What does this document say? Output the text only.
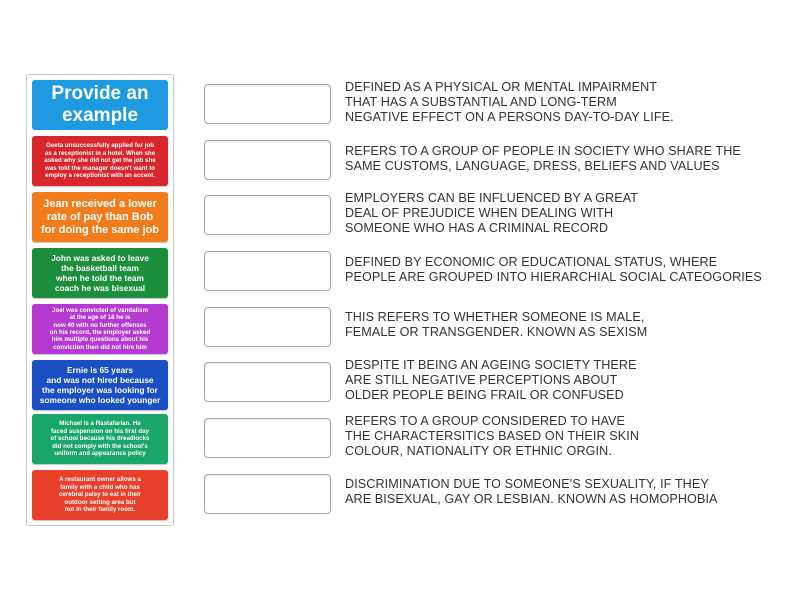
Provide an example
Geeta unsuccessfully applied for job
as a receptionist in a hotel. When she
asked why she did not get the job she
was told the manager doesn't want to
employ a receptionist with an accent.
Jean received a lower
rate of pay than Bob
for doing the same job
John was asked to leave
the basketball team
when he told the team
coach he was bisexual
Joel was convicted of vandalism
at the age of 18 he is
now 40 with no further offenses
on his record, the employer asked
him multiple questions about his
conviction then did not hire him
Ernie is 65 years
and was not hired because
the employer was looking for
someone who looked younger
Michael is a Rastafarian. He
faced suspension on his first day
of school because his dreadlocks
did not comply with the school's
uniform and appearance policy
A restaurant owner allows a
family with a child who has
cerebral palsy to eat in their
outdoor setting area but
not in their family room.
DEFINED AS A PHYSICAL OR MENTAL IMPAIRMENT
THAT HAS A SUBSTANTIAL AND LONG-TERM
NEGATIVE EFFECT ON A PERSONS DAY-TO-DAY LIFE.
REFERS TO A GROUP OF PEOPLE IN SOCIETY WHO SHARE THE
SAME CUSTOMS, LANGUAGE, DRESS, BELIEFS AND VALUES
EMPLOYERS CAN BE INFLUENCED BY A GREAT
DEAL OF PREJUDICE WHEN DEALING WITH
SOMEONE WHO HAS A CRIMINAL RECORD
DEFINED BY ECONOMIC OR EDUCATIONAL STATUS, WHERE
PEOPLE ARE GROUPED INTO HIERARCHIAL SOCIAL CATEOGORIES
THIS REFERS TO WHETHER SOMEONE IS MALE,
FEMALE OR TRANSGENDER. KNOWN AS SEXISM
DESPITE IT BEING AN AGEING SOCIETY THERE
ARE STILL NEGATIVE PERCEPTIONS ABOUT
OLDER PEOPLE BEING FRAIL OR CONFUSED
REFERS TO A GROUP CONSIDERED TO HAVE
THE CHARACTERSITICS BASED ON THEIR SKIN
COLOUR, NATIONALITY OR ETHNIC ORGIN.
DISCRIMINATION DUE TO SOMEONE'S SEXUALITY, IF THEY
ARE BISEXUAL, GAY OR LESBIAN. KNOWN AS HOMOPHOBIA
